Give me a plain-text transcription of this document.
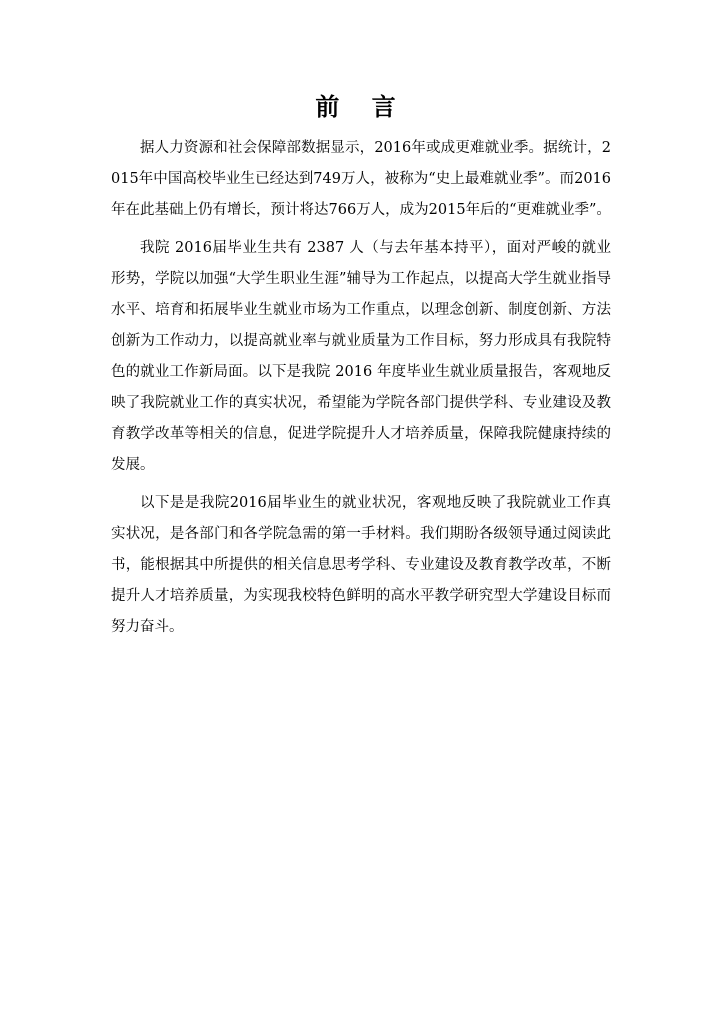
前 言

据人力资源和社会保障部数据显示，2016年或成更难就业季。据统计，2015年中国高校毕业生已经达到749万人，被称为“史上最难就业季”。而2016年在此基础上仍有增长，预计将达766万人，成为2015年后的“更难就业季”。

我院 2016届毕业生共有 2387 人（与去年基本持平），面对严峻的就业形势，学院以加强“大学生职业生涯”辅导为工作起点，以提高大学生就业指导水平、培育和拓展毕业生就业市场为工作重点，以理念创新、制度创新、方法创新为工作动力，以提高就业率与就业质量为工作目标，努力形成具有我院特色的就业工作新局面。以下是我院 2016 年度毕业生就业质量报告，客观地反映了我院就业工作的真实状况，希望能为学院各部门提供学科、专业建设及教育教学改革等相关的信息，促进学院提升人才培养质量，保障我院健康持续的发展。

以下是是我院2016届毕业生的就业状况，客观地反映了我院就业工作真实状况，是各部门和各学院急需的第一手材料。我们期盼各级领导通过阅读此书，能根据其中所提供的相关信息思考学科、专业建设及教育教学改革，不断提升人才培养质量，为实现我校特色鲜明的高水平教学研究型大学建设目标而努力奋斗。
